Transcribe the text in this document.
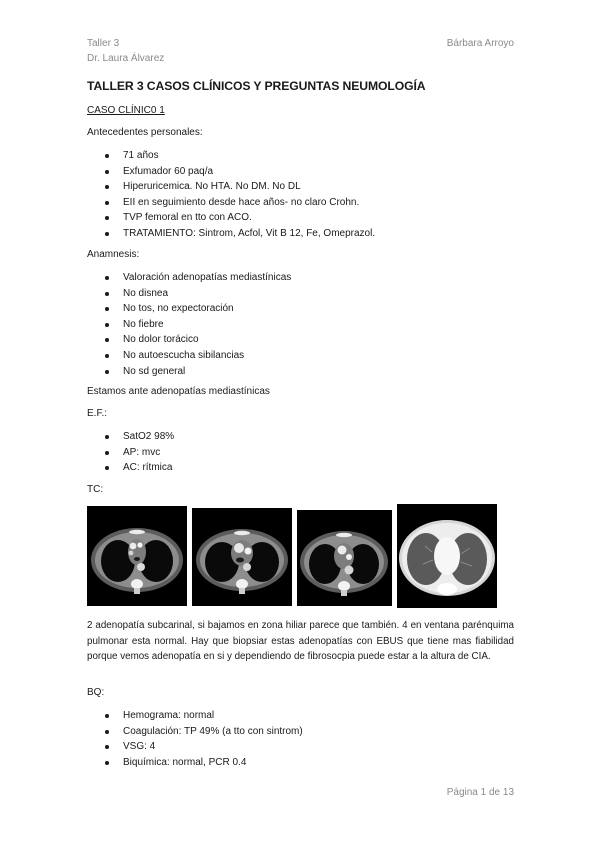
Taller 3
Dr. Laura Álvarez
Bárbara Arroyo
TALLER 3 CASOS CLÍNICOS Y PREGUNTAS NEUMOLOGÍA
CASO CLÍNIC0 1
Antecedentes personales:
71 años
Exfumador 60 paq/a
Hiperuricemica. No HTA. No DM. No DL
EII en seguimiento desde hace años- no claro Crohn.
TVP femoral en tto con ACO.
TRATAMIENTO: Sintrom, Acfol, Vit B 12, Fe, Omeprazol.
Anamnesis:
Valoración adenopatías mediastínicas
No disnea
No tos, no expectoración
No fiebre
No dolor torácico
No autoescucha sibilancias
No sd general
Estamos ante adenopatías mediastínicas
E.F.:
SatO2 98%
AP: mvc
AC: rítmica
TC:
2 adenopatía subcarinal, si bajamos en zona hiliar parece que también. 4 en ventana parénquima pulmonar esta normal. Hay que biopsiar estas adenopatías con EBUS que tiene mas fiabilidad porque vemos adenopatía en si y dependiendo de fibrosocpia puede estar a la altura de CIA.
BQ:
Hemograma: normal
Coagulación: TP 49% (a tto con sintrom)
VSG: 4
Biquímica: normal, PCR 0.4
Página 1 de 13
